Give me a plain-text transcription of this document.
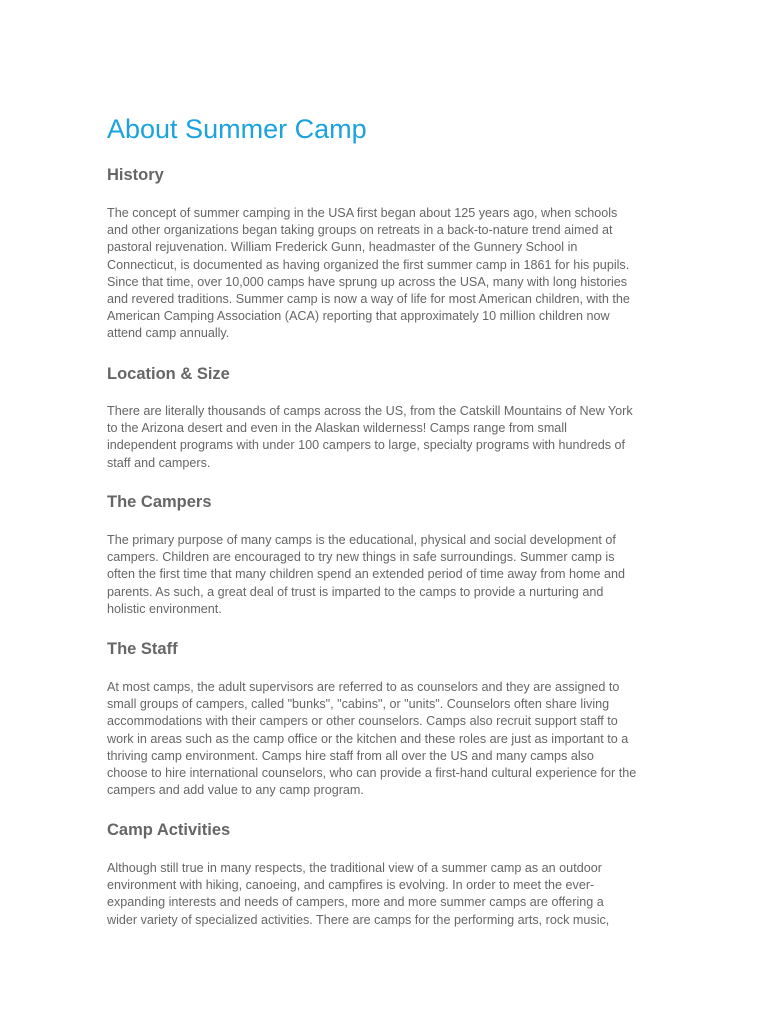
About Summer Camp
History
The concept of summer camping in the USA first began about 125 years ago, when schools
and other organizations began taking groups on retreats in a back-to-nature trend aimed at
pastoral rejuvenation. William Frederick Gunn, headmaster of the Gunnery School in
Connecticut, is documented as having organized the first summer camp in 1861 for his pupils.
Since that time, over 10,000 camps have sprung up across the USA, many with long histories
and revered traditions. Summer camp is now a way of life for most American children, with the
American Camping Association (ACA) reporting that approximately 10 million children now
attend camp annually.
Location & Size
There are literally thousands of camps across the US, from the Catskill Mountains of New York
to the Arizona desert and even in the Alaskan wilderness! Camps range from small
independent programs with under 100 campers to large, specialty programs with hundreds of
staff and campers.
The Campers
The primary purpose of many camps is the educational, physical and social development of
campers. Children are encouraged to try new things in safe surroundings. Summer camp is
often the first time that many children spend an extended period of time away from home and
parents. As such, a great deal of trust is imparted to the camps to provide a nurturing and
holistic environment.
The Staff
At most camps, the adult supervisors are referred to as counselors and they are assigned to
small groups of campers, called "bunks", "cabins", or "units". Counselors often share living
accommodations with their campers or other counselors. Camps also recruit support staff to
work in areas such as the camp office or the kitchen and these roles are just as important to a
thriving camp environment. Camps hire staff from all over the US and many camps also
choose to hire international counselors, who can provide a first-hand cultural experience for the
campers and add value to any camp program.
Camp Activities
Although still true in many respects, the traditional view of a summer camp as an outdoor
environment with hiking, canoeing, and campfires is evolving. In order to meet the ever-
expanding interests and needs of campers, more and more summer camps are offering a
wider variety of specialized activities. There are camps for the performing arts, rock music,
